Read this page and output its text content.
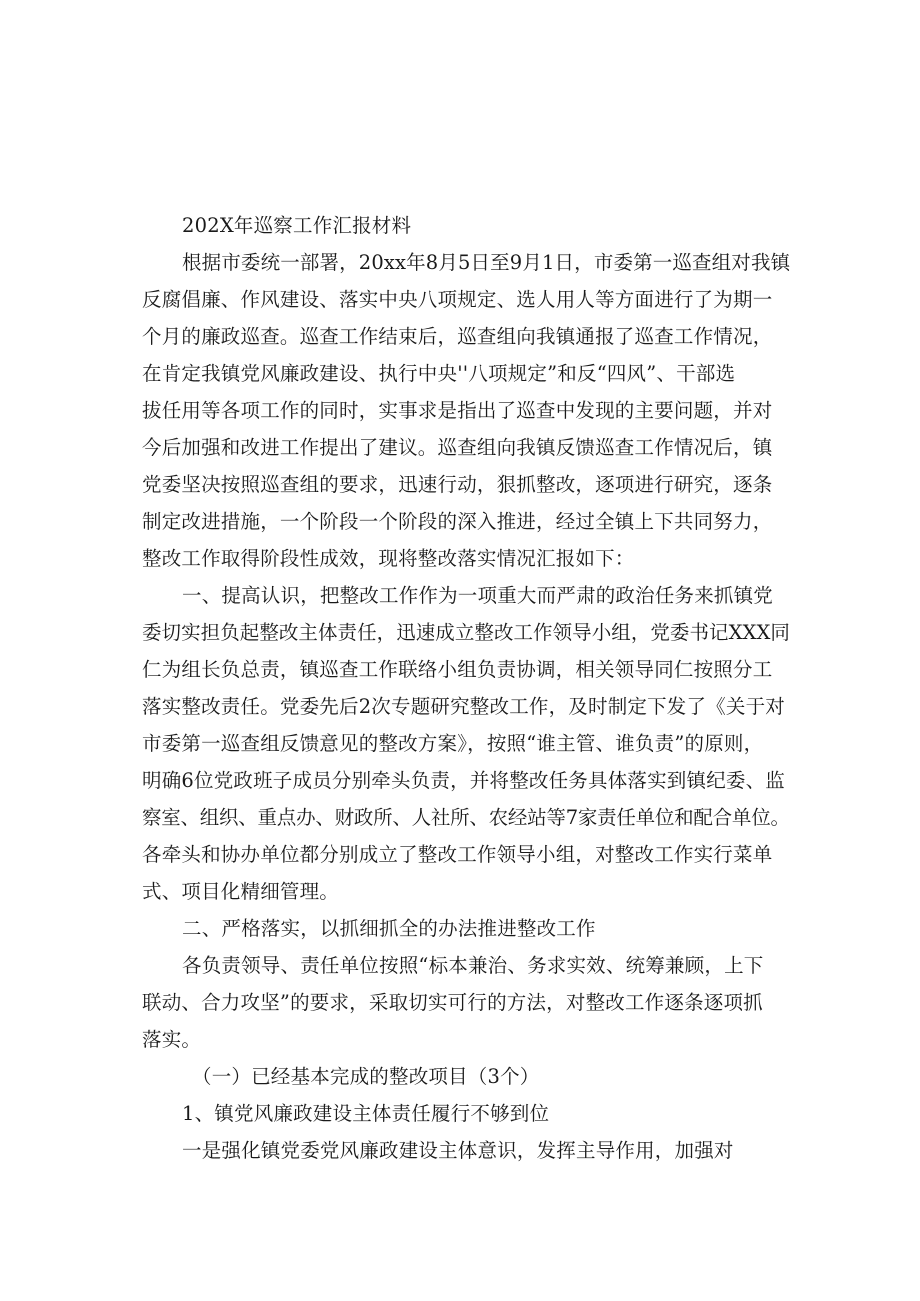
202X年巡察工作汇报材料

根据市委统一部署，20xx年8月5日至9月1日，市委第一巡查组对我镇

反腐倡廉、作风建设、落实中央八项规定、选人用人等方面进行了为期一

个月的廉政巡查。巡查工作结束后，巡查组向我镇通报了巡查工作情况，

在肯定我镇党风廉政建设、执行中央''八项规定”和反“四风”、干部选

拔任用等各项工作的同时，实事求是指出了巡查中发现的主要问题，并对

今后加强和改进工作提出了建议。巡查组向我镇反馈巡查工作情况后，镇

党委坚决按照巡查组的要求，迅速行动，狠抓整改，逐项进行研究，逐条

制定改进措施，一个阶段一个阶段的深入推进，经过全镇上下共同努力，

整改工作取得阶段性成效，现将整改落实情况汇报如下：

一、提高认识，把整改工作作为一项重大而严肃的政治任务来抓镇党

委切实担负起整改主体责任，迅速成立整改工作领导小组，党委书记XXX同

仁为组长负总责，镇巡查工作联络小组负责协调，相关领导同仁按照分工

落实整改责任。党委先后2次专题研究整改工作，及时制定下发了《关于对

市委第一巡查组反馈意见的整改方案》，按照“谁主管、谁负责”的原则，

明确6位党政班子成员分别牵头负责，并将整改任务具体落实到镇纪委、监

察室、组织、重点办、财政所、人社所、农经站等7家责任单位和配合单位。

各牵头和协办单位都分别成立了整改工作领导小组，对整改工作实行菜单

式、项目化精细管理。

二、严格落实，以抓细抓全的办法推进整改工作

各负责领导、责任单位按照“标本兼治、务求实效、统筹兼顾，上下

联动、合力攻坚”的要求，采取切实可行的方法，对整改工作逐条逐项抓

落实。

（一）已经基本完成的整改项目（3个）

1、镇党风廉政建设主体责任履行不够到位

一是强化镇党委党风廉政建设主体意识，发挥主导作用，加强对
